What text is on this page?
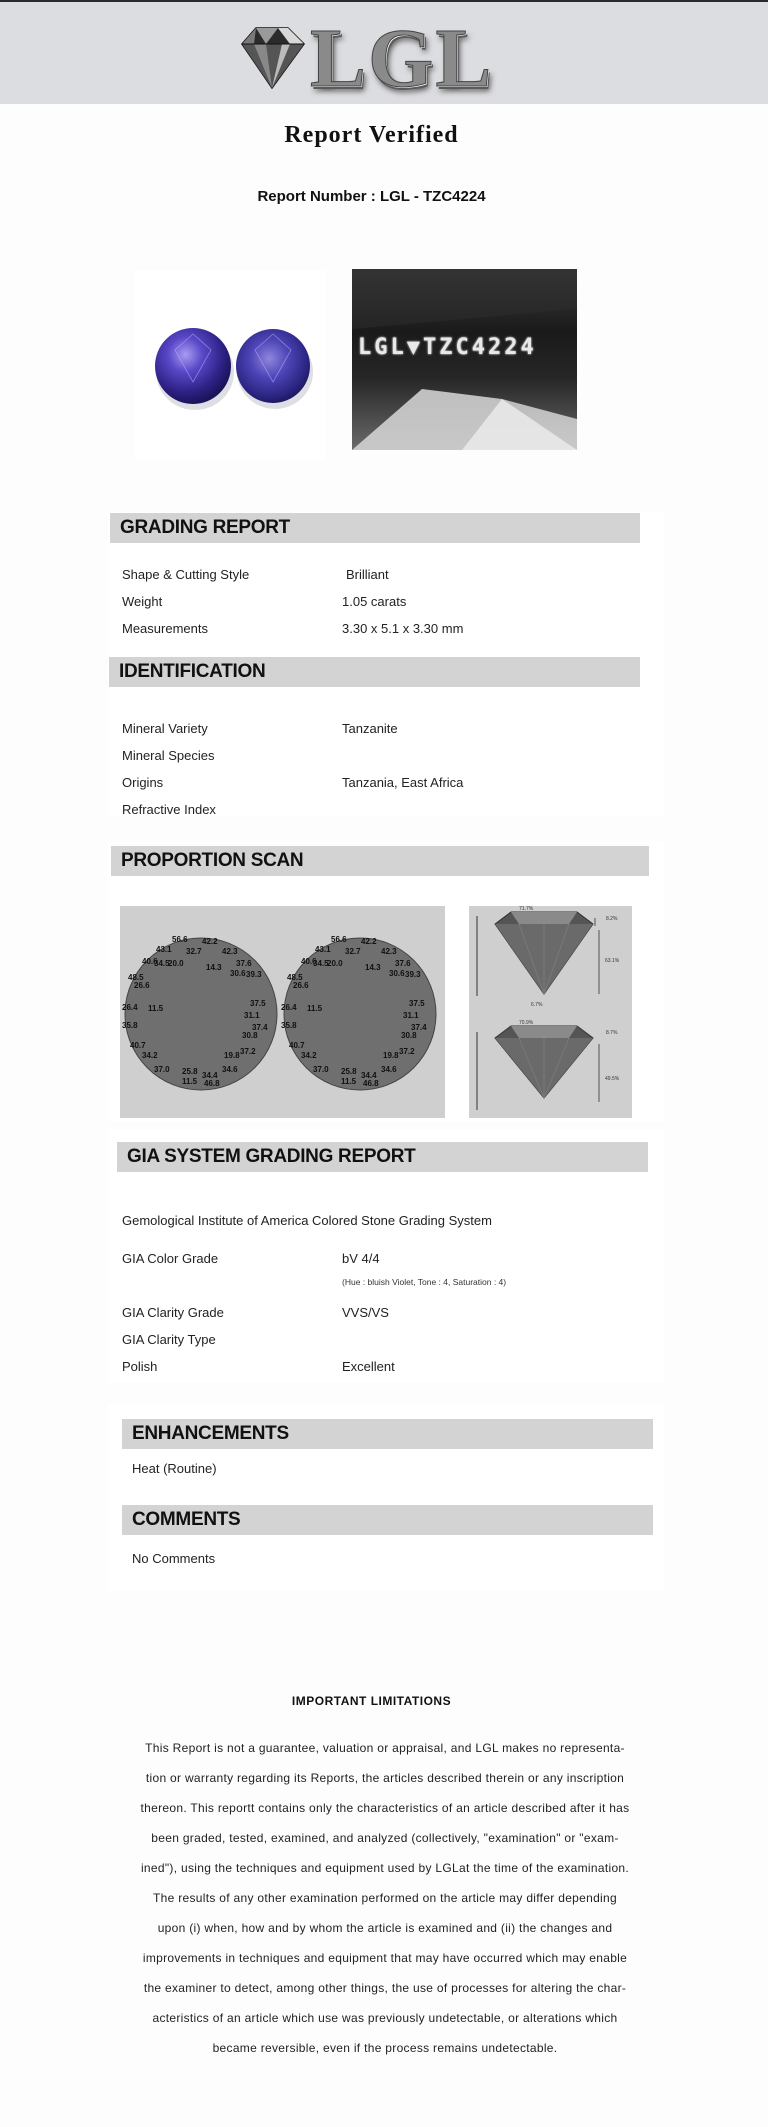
LGL
Report Verified
Report Number : LGL - TZC4224
LGL▼TZC4224
GRADING REPORT
Shape & Cutting Style	Brilliant
Weight	1.05 carats
Measurements	3.30 x 5.1 x 3.30 mm
IDENTIFICATION
Mineral Variety	Tanzanite
Mineral Species
Origins	Tanzania, East Africa
Refractive Index
PROPORTION SCAN
56.6
43.1
42.2
32.7	42.3
40.6
34.5
20.0	14.3 37.6
30.6 39.3
48.5
26.6
26.4 11.5
37.5
31.1
35.8	37.4
30.8
40.7
19.8 37.2
34.2
37.0 25.8 34.4
34.6
11.5 46.8
56.6
43.1
42.2
32.7	42.3
40.6
34.5
20.0	14.3 37.6
30.6 39.3
48.5
26.6
26.4 11.5
37.5
31.1
35.8	37.4
30.8
40.7
19.8 37.2
34.2
37.0 25.8 34.4
34.6
11.5 46.8
71.7%
8.2%
63.1%
6.7%
70.9%
8.7%
49.5%
GIA SYSTEM GRADING REPORT
Gemological Institute of America Colored Stone Grading System
GIA Color Grade	bV 4/4
(Hue : bluish Violet, Tone : 4, Saturation : 4)
GIA Clarity Grade	VVS/VS
GIA Clarity Type
Polish	Excellent
ENHANCEMENTS
Heat (Routine)
COMMENTS
No Comments
IMPORTANT LIMITATIONS
This Report is not a guarantee, valuation or appraisal, and LGL makes no representa-
tion or warranty regarding its Reports, the articles described therein or any inscription
thereon. This reportt contains only the characteristics of an article described after it has
been graded, tested, examined, and analyzed (collectively, "examination" or "exam-
ined"), using the techniques and equipment used by LGLat the time of the examination.
The results of any other examination performed on the article may differ depending
upon (i) when, how and by whom the article is examined and (ii) the changes and
improvements in techniques and equipment that may have occurred which may enable
the examiner to detect, among other things, the use of processes for altering the char-
acteristics of an article which use was previously undetectable, or alterations which
became reversible, even if the process remains undetectable.
